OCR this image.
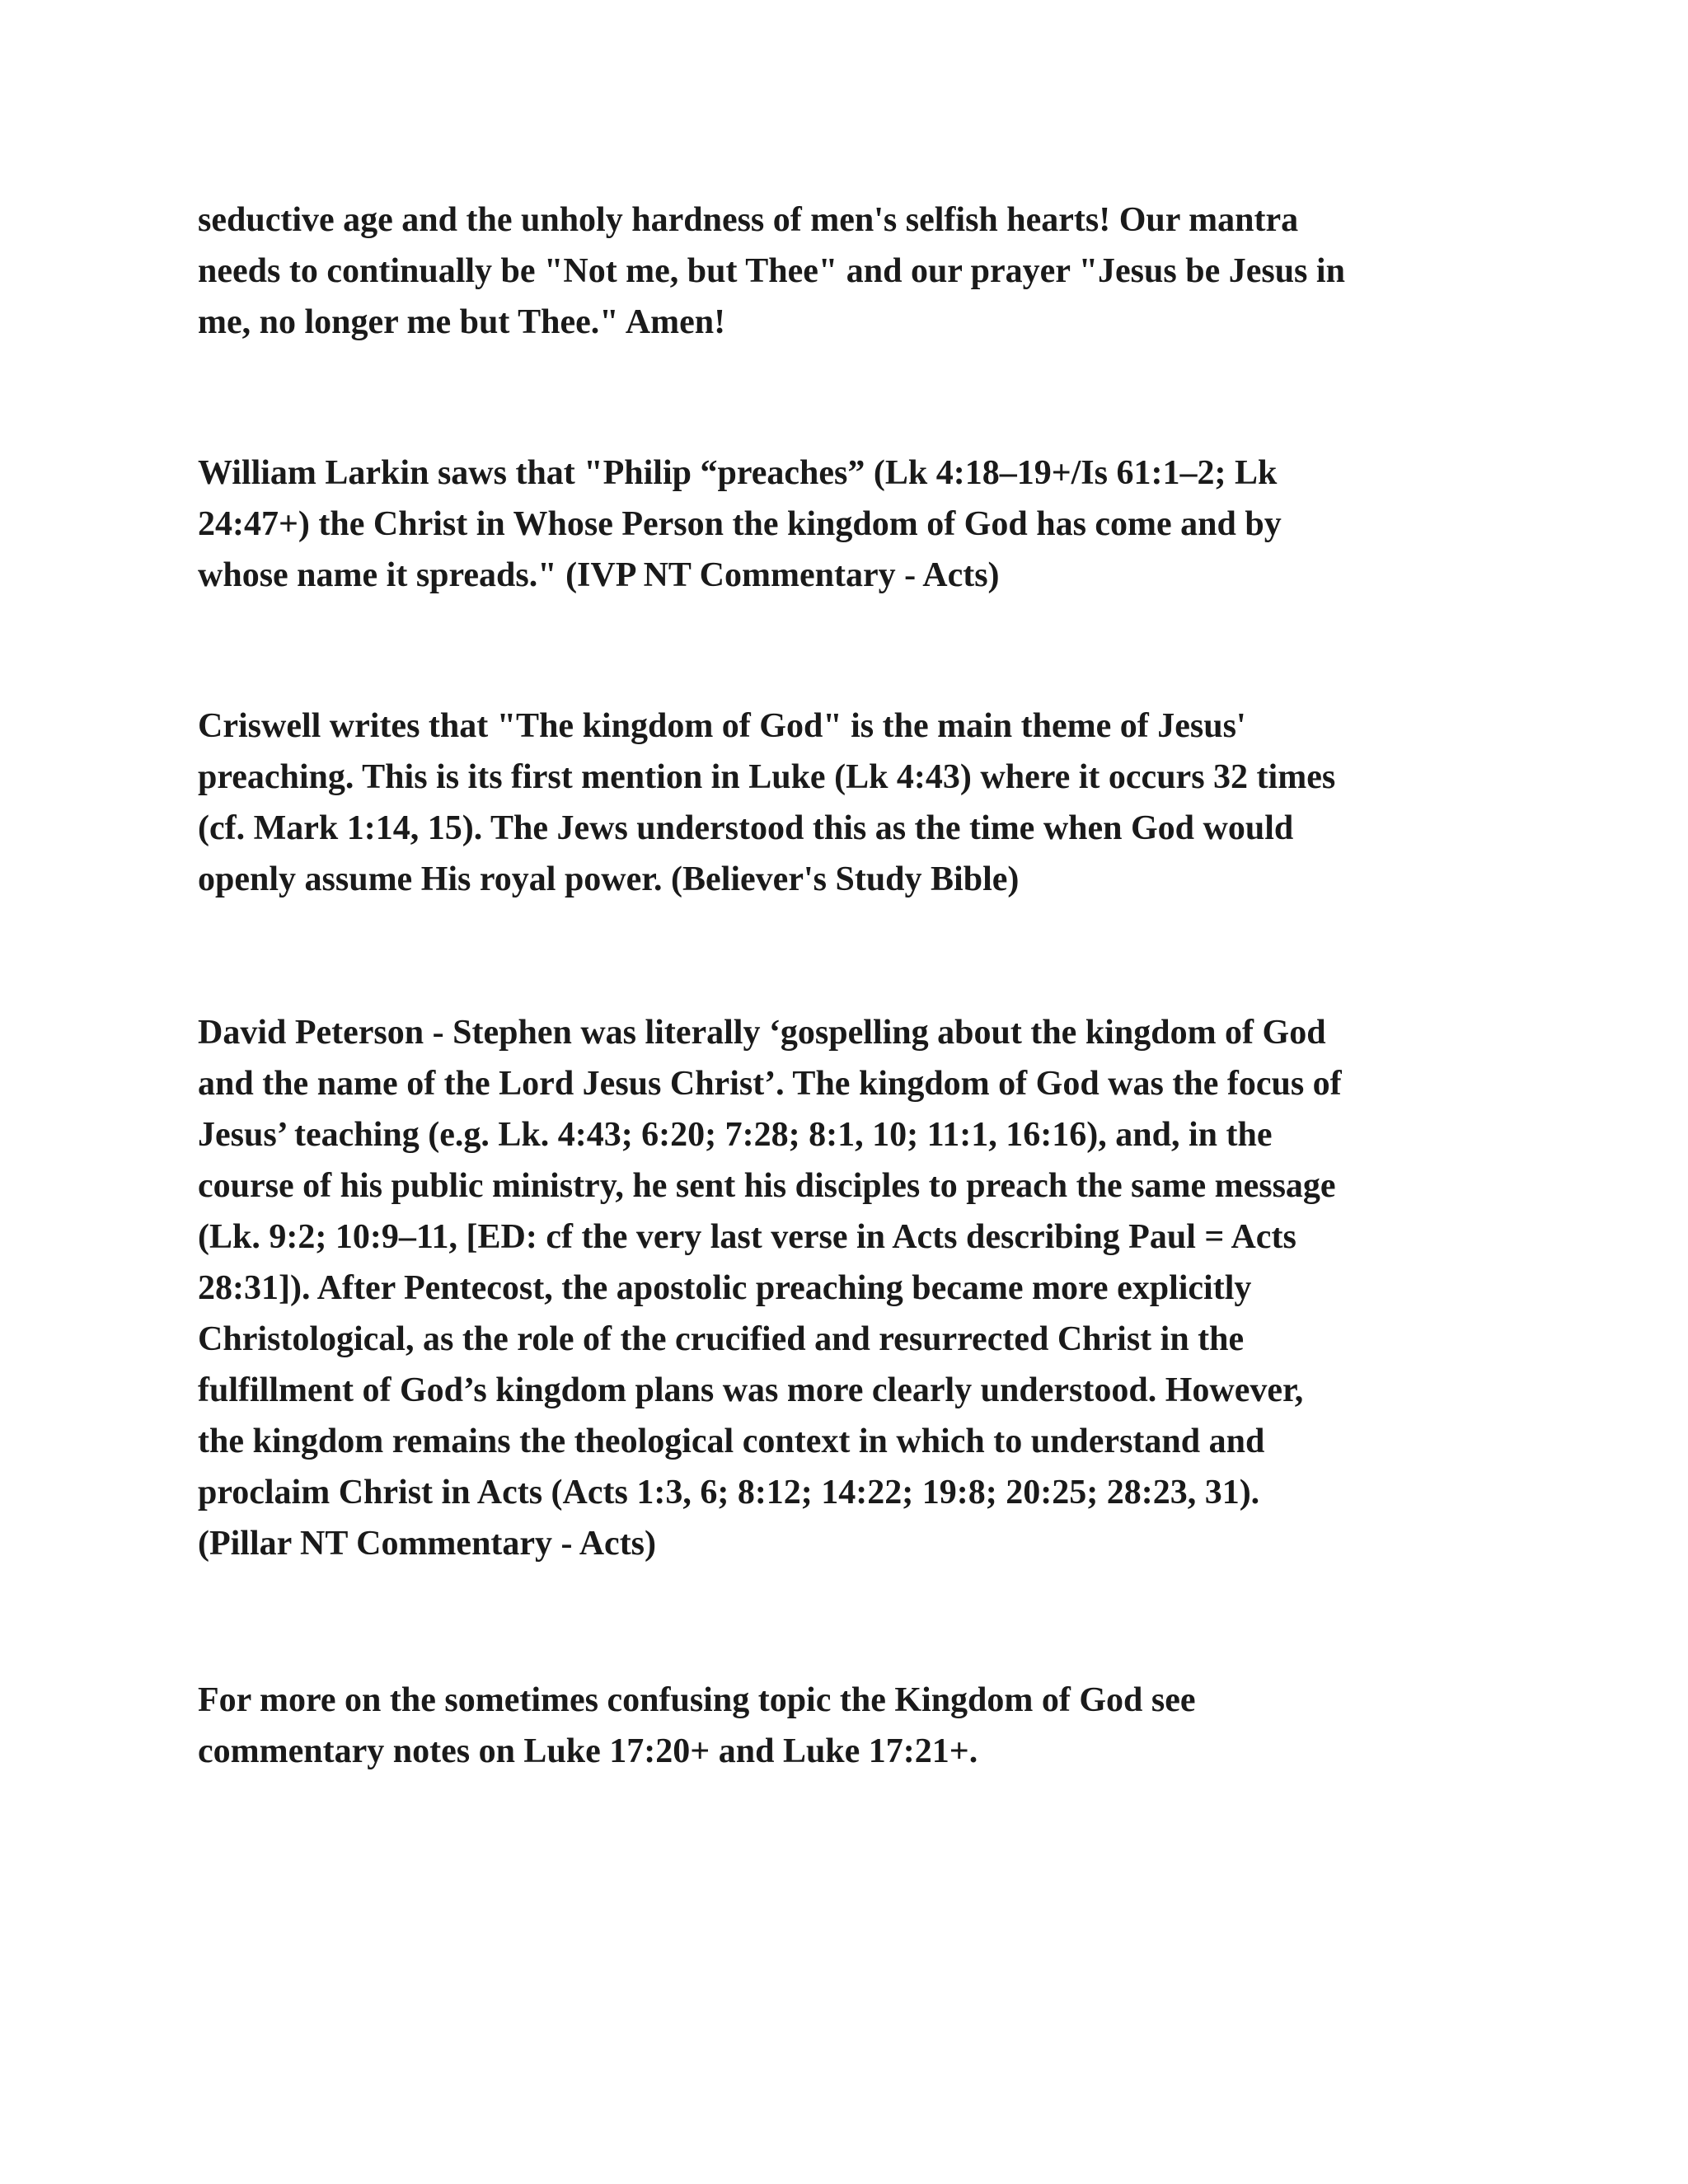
seductive age and the unholy hardness of men's selfish hearts! Our mantra
needs to continually be "Not me, but Thee" and our prayer "Jesus be Jesus in
me, no longer me but Thee." Amen!

William Larkin saws that "Philip “preaches” (Lk 4:18–19+/Is 61:1–2; Lk
24:47+) the Christ in Whose Person the kingdom of God has come and by
whose name it spreads." (IVP NT Commentary - Acts)

Criswell writes that "The kingdom of God" is the main theme of Jesus'
preaching. This is its first mention in Luke (Lk 4:43) where it occurs 32 times
(cf. Mark 1:14, 15). The Jews understood this as the time when God would
openly assume His royal power. (Believer's Study Bible)

David Peterson - Stephen was literally ‘gospelling about the kingdom of God
and the name of the Lord Jesus Christ’. The kingdom of God was the focus of
Jesus’ teaching (e.g. Lk. 4:43; 6:20; 7:28; 8:1, 10; 11:1, 16:16), and, in the
course of his public ministry, he sent his disciples to preach the same message
(Lk. 9:2; 10:9–11, [ED: cf the very last verse in Acts describing Paul = Acts
28:31]). After Pentecost, the apostolic preaching became more explicitly
Christological, as the role of the crucified and resurrected Christ in the
fulfillment of God’s kingdom plans was more clearly understood. However,
the kingdom remains the theological context in which to understand and
proclaim Christ in Acts (Acts 1:3, 6; 8:12; 14:22; 19:8; 20:25; 28:23, 31).
(Pillar NT Commentary - Acts)

For more on the sometimes confusing topic the Kingdom of God see
commentary notes on Luke 17:20+ and Luke 17:21+.
